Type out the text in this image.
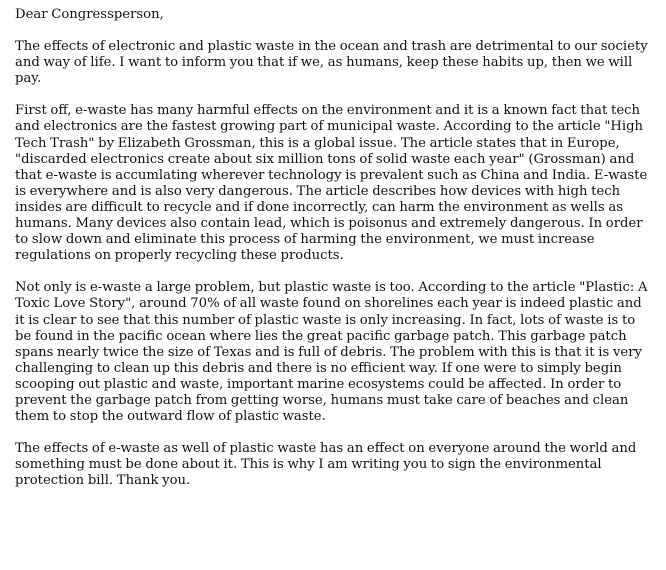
Dear Congressperson,

The effects of electronic and plastic waste in the ocean and trash are detrimental to our society and way of life. I want to inform you that if we, as humans, keep these habits up, then we will pay.

First off, e-waste has many harmful effects on the environment and it is a known fact that tech and electronics are the fastest growing part of municipal waste. According to the article "High Tech Trash" by Elizabeth Grossman, this is a global issue. The article states that in Europe, "discarded electronics create about six million tons of solid waste each year" (Grossman) and that e-waste is accumlating wherever technology is prevalent such as China and India. E-waste is everywhere and is also very dangerous. The article describes how devices with high tech insides are difficult to recycle and if done incorrectly, can harm the environment as wells as humans. Many devices also contain lead, which is poisonus and extremely dangerous. In order to slow down and eliminate this process of harming the environment, we must increase regulations on properly recycling these products.

Not only is e-waste a large problem, but plastic waste is too. According to the article "Plastic: A Toxic Love Story", around 70% of all waste found on shorelines each year is indeed plastic and it is clear to see that this number of plastic waste is only increasing. In fact, lots of waste is to be found in the pacific ocean where lies the great pacific garbage patch. This garbage patch spans nearly twice the size of Texas and is full of debris. The problem with this is that it is very challenging to clean up this debris and there is no efficient way. If one were to simply begin scooping out plastic and waste, important marine ecosystems could be affected. In order to prevent the garbage patch from getting worse, humans must take care of beaches and clean them to stop the outward flow of plastic waste.

The effects of e-waste as well of plastic waste has an effect on everyone around the world and something must be done about it. This is why I am writing you to sign the environmental protection bill. Thank you.
